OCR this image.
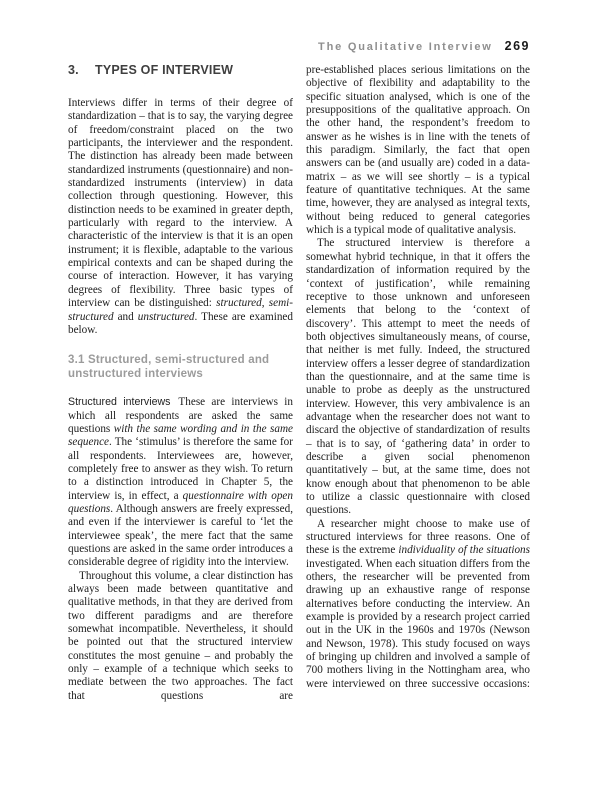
The Qualitative Interview 269
3. TYPES OF INTERVIEW

Interviews differ in terms of their degree of standardization – that is to say, the varying degree of freedom/constraint placed on the two participants, the interviewer and the respondent. The distinction has already been made between standardized instruments (questionnaire) and non-standardized instruments (interview) in data collection through questioning. However, this distinction needs to be examined in greater depth, particularly with regard to the interview. A characteristic of the interview is that it is an open instrument; it is flexible, adaptable to the various empirical contexts and can be shaped during the course of interaction. However, it has varying degrees of flexibility. Three basic types of interview can be distinguished: structured, semi-structured and unstructured. These are examined below.

3.1 Structured, semi-structured and unstructured interviews

Structured interviews These are interviews in which all respondents are asked the same questions with the same wording and in the same sequence. The ‘stimulus’ is therefore the same for all respondents. Interviewees are, however, completely free to answer as they wish. To return to a distinction introduced in Chapter 5, the interview is, in effect, a questionnaire with open questions. Although answers are freely expressed, and even if the interviewer is careful to ‘let the interviewee speak’, the mere fact that the same questions are asked in the same order introduces a considerable degree of rigidity into the interview.

Throughout this volume, a clear distinction has always been made between quantitative and qualitative methods, in that they are derived from two different paradigms and are therefore somewhat incompatible. Nevertheless, it should be pointed out that the structured interview constitutes the most genuine – and probably the only – example of a technique which seeks to mediate between the two approaches. The fact that questions are

pre-established places serious limitations on the objective of flexibility and adaptability to the specific situation analysed, which is one of the presuppositions of the qualitative approach. On the other hand, the respondent’s freedom to answer as he wishes is in line with the tenets of this paradigm. Similarly, the fact that open answers can be (and usually are) coded in a data-matrix – as we will see shortly – is a typical feature of quantitative techniques. At the same time, however, they are analysed as integral texts, without being reduced to general categories which is a typical mode of qualitative analysis.

The structured interview is therefore a somewhat hybrid technique, in that it offers the standardization of information required by the ‘context of justification’, while remaining receptive to those unknown and unforeseen elements that belong to the ‘context of discovery’. This attempt to meet the needs of both objectives simultaneously means, of course, that neither is met fully. Indeed, the structured interview offers a lesser degree of standardization than the questionnaire, and at the same time is unable to probe as deeply as the unstructured interview. However, this very ambivalence is an advantage when the researcher does not want to discard the objective of standardization of results – that is to say, of ‘gathering data’ in order to describe a given social phenomenon quantitatively – but, at the same time, does not know enough about that phenomenon to be able to utilize a classic questionnaire with closed questions.

A researcher might choose to make use of structured interviews for three reasons. One of these is the extreme individuality of the situations investigated. When each situation differs from the others, the researcher will be prevented from drawing up an exhaustive range of response alternatives before conducting the interview. An example is provided by a research project carried out in the UK in the 1960s and 1970s (Newson and Newson, 1978). This study focused on ways of bringing up children and involved a sample of 700 mothers living in the Nottingham area, who were interviewed on three successive occasions:
